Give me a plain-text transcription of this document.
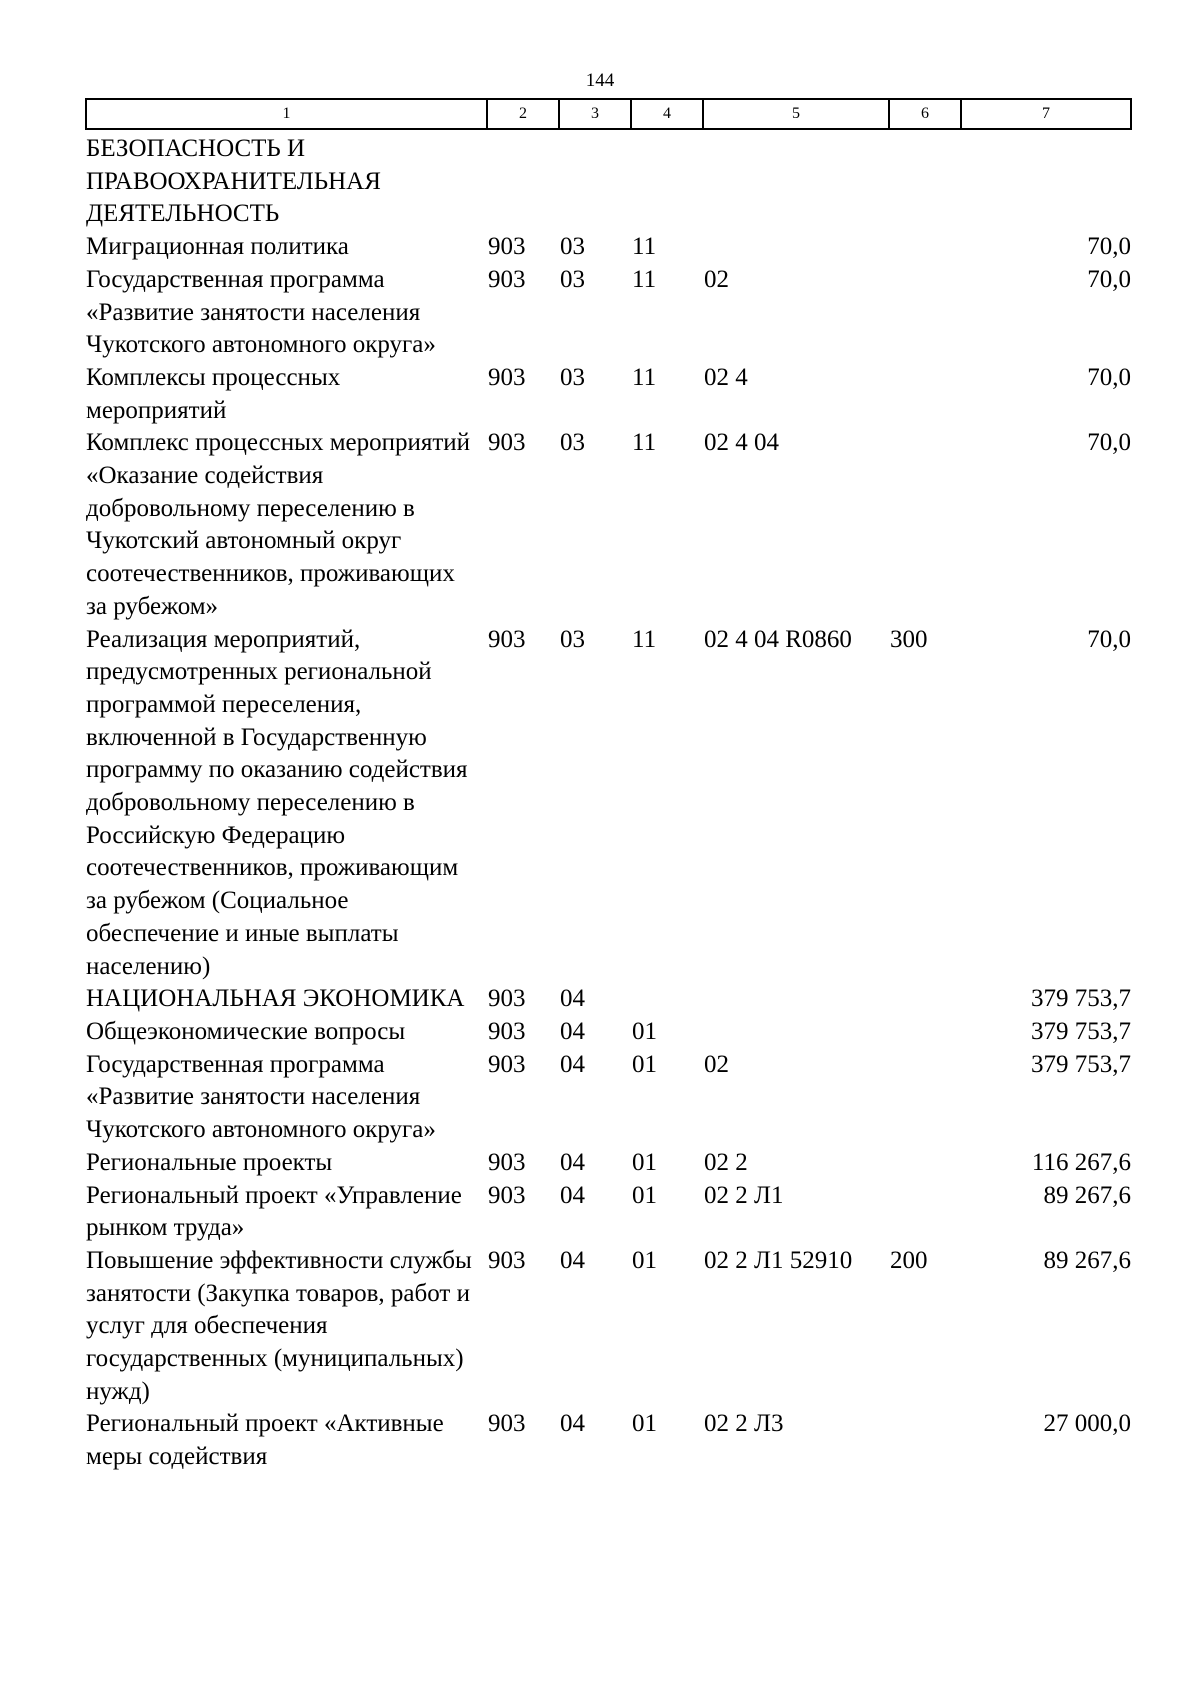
144
1	2	3	4	5	6	7
БЕЗОПАСНОСТЬ И ПРАВООХРАНИТЕЛЬНАЯ ДЕЯТЕЛЬНОСТЬ						
Миграционная политика	903	03	11			70,0
Государственная программа «Развитие занятости населения Чукотского автономного округа»	903	03	11	02		70,0
Комплексы процессных мероприятий	903	03	11	02 4		70,0
Комплекс процессных мероприятий «Оказание содействия добровольному переселению в Чукотский автономный округ соотечественников, проживающих за рубежом»	903	03	11	02 4 04		70,0
Реализация мероприятий, предусмотренных региональной программой переселения, включенной в Государственную программу по оказанию содействия добровольному переселению в Российскую Федерацию соотечественников, проживающим за рубежом (Социальное обеспечение и иные выплаты населению)	903	03	11	02 4 04 R0860	300	70,0
НАЦИОНАЛЬНАЯ ЭКОНОМИКА	903	04				379 753,7
Общеэкономические вопросы	903	04	01			379 753,7
Государственная программа «Развитие занятости населения Чукотского автономного округа»	903	04	01	02		379 753,7
Региональные проекты	903	04	01	02 2		116 267,6
Региональный проект «Управление рынком труда»	903	04	01	02 2 Л1		89 267,6
Повышение эффективности службы занятости (Закупка товаров, работ и услуг для обеспечения государственных (муниципальных) нужд)	903	04	01	02 2 Л1 52910	200	89 267,6
Региональный проект «Активные меры содействия	903	04	01	02 2 Л3		27 000,0
